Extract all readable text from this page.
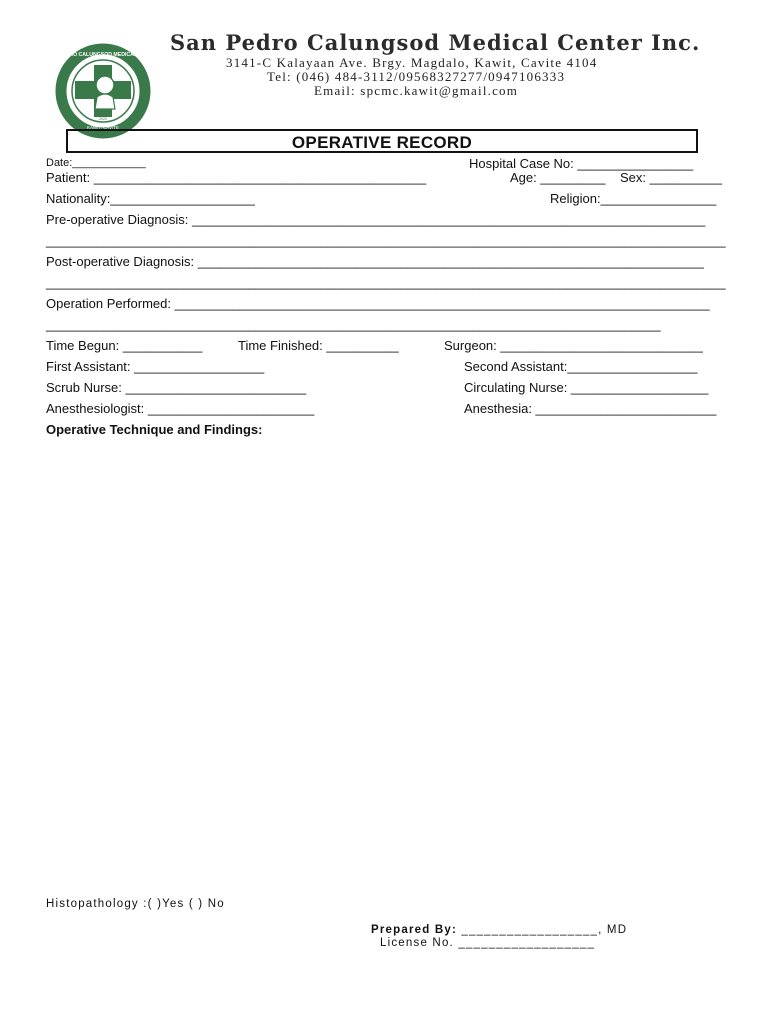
SAN PEDRO CALUNGSOD MEDICAL CENTER
KAWIT, CAVITE
2020

San Pedro Calungsod Medical Center Inc.
3141-C Kalayaan Ave. Brgy. Magdalo, Kawit, Cavite 4104
Tel: (046) 484-3112/09568327277/0947106333
Email: spcmc.kawit@gmail.com
OPERATIVE RECORD
Date:____________	Hospital Case No: ________________
Patient: ______________________________________________	Age: _________ Sex: __________
Nationality:____________________	Religion:________________
Pre-operative Diagnosis: _______________________________________________________________________
______________________________________________________________________________________________
Post-operative Diagnosis: ______________________________________________________________________
______________________________________________________________________________________________
Operation Performed: __________________________________________________________________________
_____________________________________________________________________________________
Time Begun: ___________	Time Finished: __________	Surgeon: ____________________________
First Assistant: __________________	Second Assistant:__________________
Scrub Nurse: _________________________	Circulating Nurse: ___________________
Anesthesiologist: _______________________	Anesthesia: _________________________
Operative Technique and Findings:
Histopathology :( )Yes ( ) No
Prepared By: __________________, MD
License No. __________________
